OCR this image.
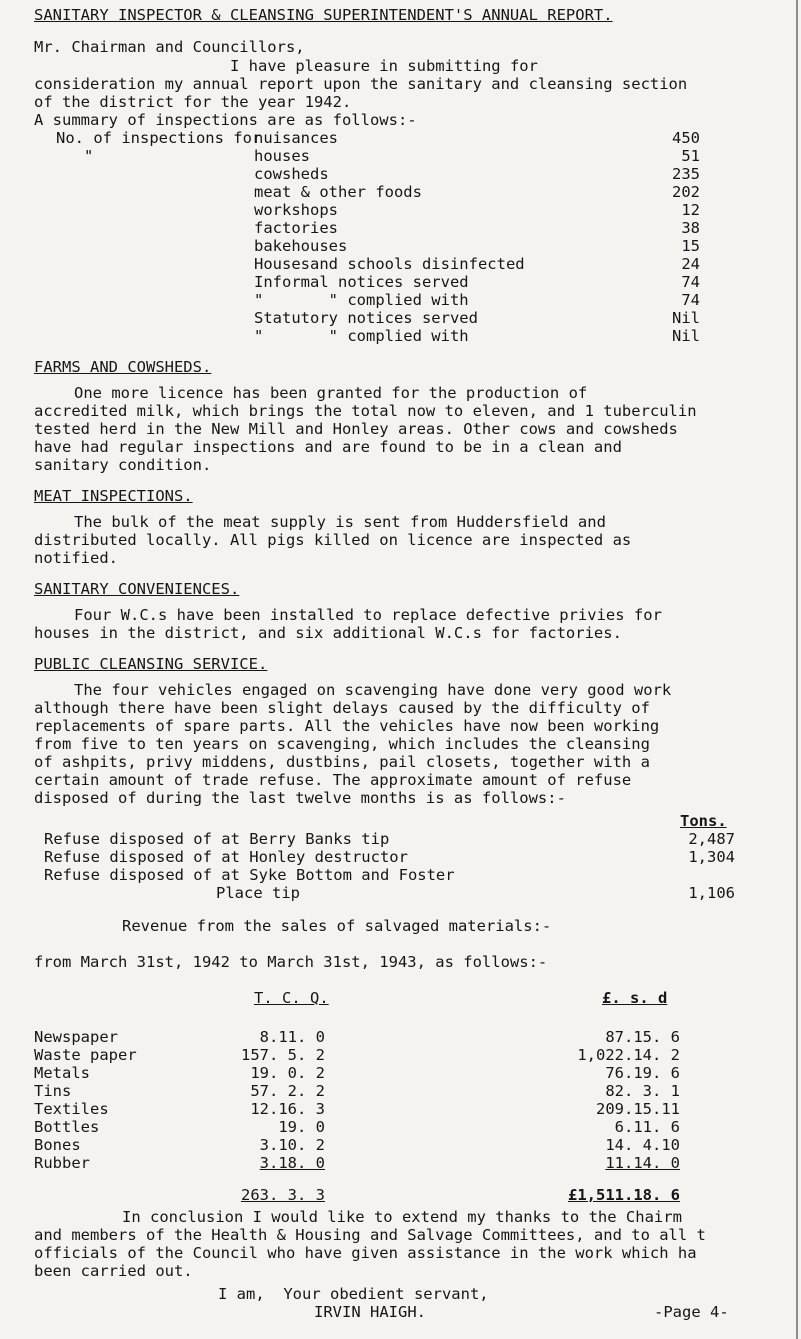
SANITARY INSPECTOR & CLEANSING SUPERINTENDENT'S ANNUAL REPORT.
Mr. Chairman and Councillors,
I have pleasure in submitting for
consideration my annual report upon the sanitary and cleansing section
of the district for the year 1942.
A summary of inspections are as follows:-
No. of inspections for
nuisances	450
"	houses	51
cowsheds	235
meat & other foods	202
workshops	12
factories	38
bakehouses	15
Housesand schools disinfected	24
Informal notices served	74
"       " complied with	74
Statutory notices served	Nil
"       " complied with	Nil
FARMS AND COWSHEDS.
One more licence has been granted for the production of
accredited milk, which brings the total now to eleven, and 1 tuberculin
tested herd in the New Mill and Honley areas. Other cows and cowsheds
have had regular inspections and are found to be in a clean and
sanitary condition.
MEAT INSPECTIONS.
The bulk of the meat supply is sent from Huddersfield and
distributed locally. All pigs killed on licence are inspected as
notified.
SANITARY CONVENIENCES.
Four W.C.s have been installed to replace defective privies for
houses in the district, and six additional W.C.s for factories.
PUBLIC CLEANSING SERVICE.
The four vehicles engaged on scavenging have done very good work
although there have been slight delays caused by the difficulty of
replacements of spare parts. All the vehicles have now been working
from five to ten years on scavenging, which includes the cleansing
of ashpits, privy middens, dustbins, pail closets, together with a
certain amount of trade refuse. The approximate amount of refuse
disposed of during the last twelve months is as follows:-
Tons.
Refuse disposed of at Berry Banks tip	2,487
Refuse disposed of at Honley destructor	1,304
Refuse disposed of at Syke Bottom and Foster
Place tip	1,106
Revenue from the sales of salvaged materials:-
from March 31st, 1942 to March 31st, 1943, as follows:-
T. C. Q.	£. s. d
Newspaper	8.11. 0	87.15. 6
Waste paper	157. 5. 2	1,022.14. 2
Metals	19. 0. 2	76.19. 6
Tins	57. 2. 2	82. 3. 1
Textiles	12.16. 3	209.15.11
Bottles	19. 0	6.11. 6
Bones	3.10. 2	14. 4.10
Rubber	3.18. 0	11.14. 0
263. 3. 3	£1,511.18. 6
In conclusion I would like to extend my thanks to the Chairm
and members of the Health & Housing and Salvage Committees, and to all t
officials of the Council who have given assistance in the work which ha
been carried out.
I am,  Your obedient servant,
IRVIN HAIGH.	-Page 4-
